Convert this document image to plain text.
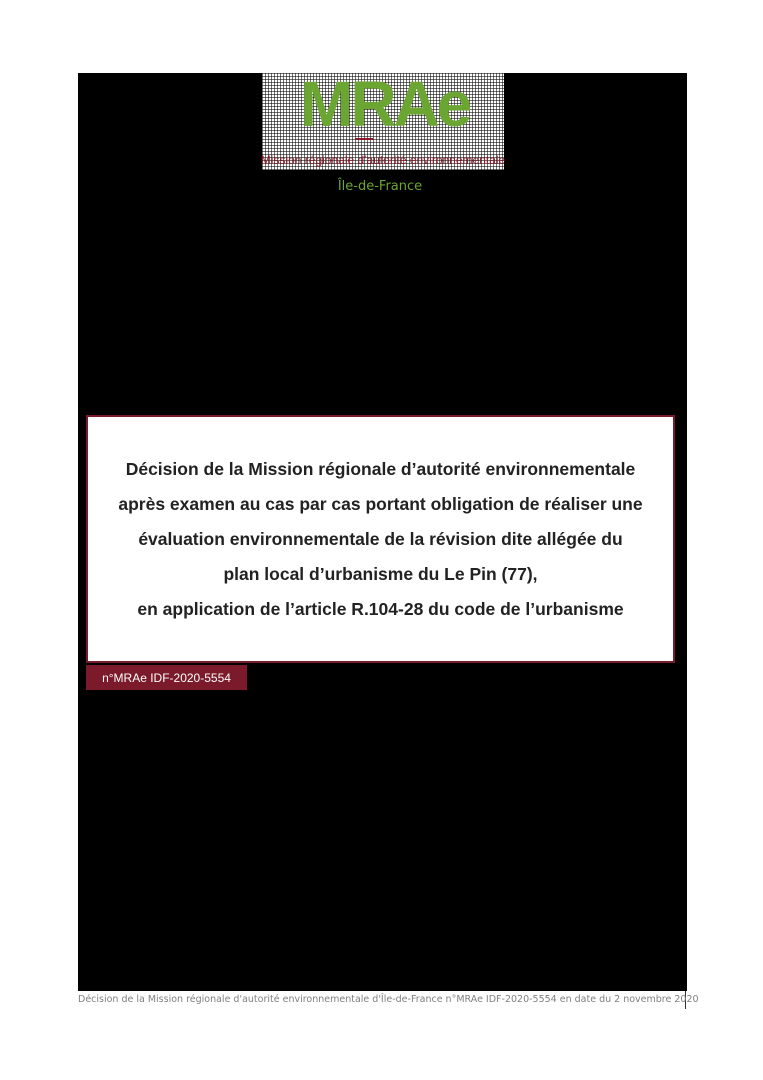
MRAe
Mission régionale d'autorité environnementale
Île-de-France
Décision de la Mission régionale d’autorité environnementale
après examen au cas par cas portant obligation de réaliser une
évaluation environnementale de la révision dite allégée du
plan local d’urbanisme du Le Pin (77),
en application de l’article R.104-28 du code de l’urbanisme
n°MRAe IDF-2020-5554
Décision de la Mission régionale d'autorité environnementale d'Île-de-France n°MRAe IDF-2020-5554 en date du 2 novembre 2020
